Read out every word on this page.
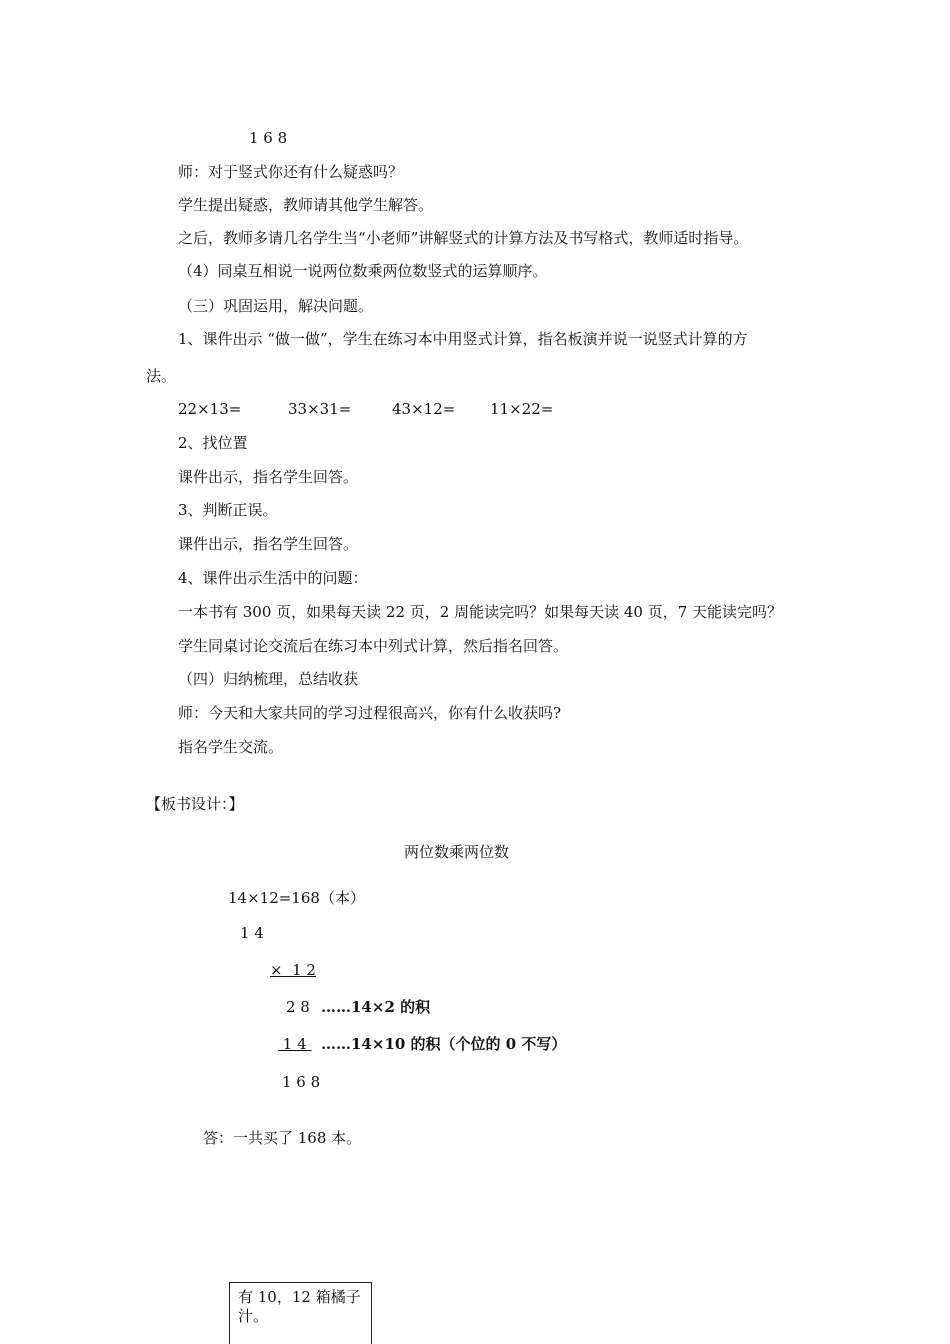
1 6 8
师：对于竖式你还有什么疑惑吗？
学生提出疑惑，教师请其他学生解答。
之后，教师多请几名学生当“小老师”讲解竖式的计算方法及书写格式，教师适时指导。
（4）同桌互相说一说两位数乘两位数竖式的运算顺序。
（三）巩固运用，解决问题。
1、课件出示 “做一做”，学生在练习本中用竖式计算，指名板演并说一说竖式计算的方
法。
22×13=	33×31=	43×12= 11×22=
2、找位置
课件出示，指名学生回答。
3、判断正误。
课件出示，指名学生回答。
4、课件出示生活中的问题：
一本书有 300 页，如果每天读 22 页，2 周能读完吗？如果每天读 40 页，7 天能读完吗？
学生同桌讨论交流后在练习本中列式计算，然后指名回答。
（四）归纳梳理，总结收获
师：今天和大家共同的学习过程很高兴，你有什么收获吗?
指名学生交流。
【板书设计：】
两位数乘两位数
14×12=168（本）
1 4
×  1 2
2 8 ……14×2 的积
1 4 ……14×10 的积（个位的 0 不写）
1 6 8
答：一共买了 168 本。
有 10，12 箱橘子汁。
